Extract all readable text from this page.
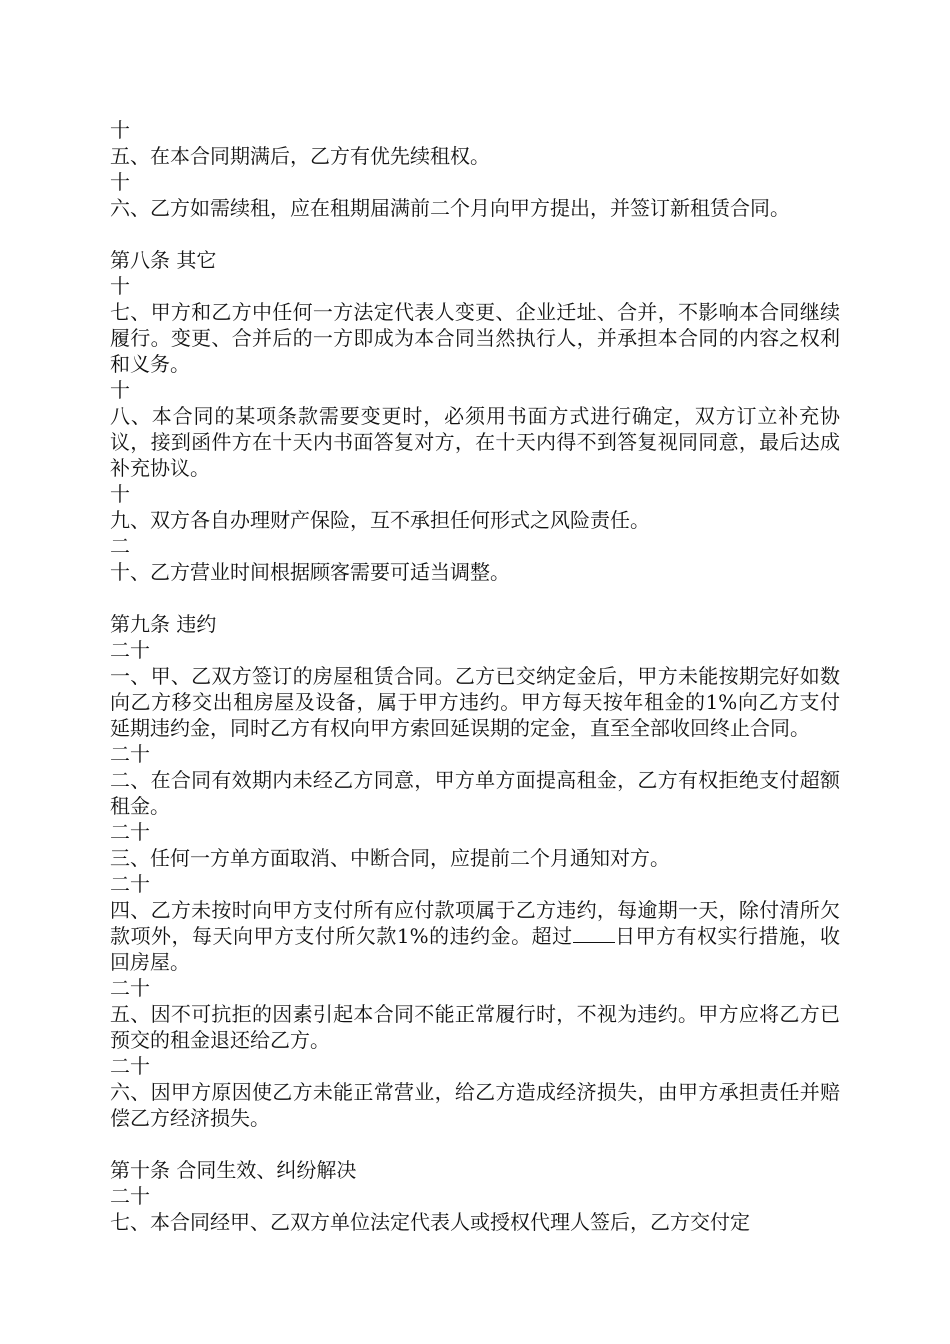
十

五、在本合同期满后，乙方有优先续租权。

十

六、乙方如需续租，应在租期届满前二个月向甲方提出，并签订新租赁合同。

第八条 其它
十

七、甲方和乙方中任何一方法定代表人变更、企业迁址、合并，不影响本合同继续履行。变更、合并后的一方即成为本合同当然执行人，并承担本合同的内容之权利和义务。

十

八、本合同的某项条款需要变更时，必须用书面方式进行确定，双方订立补充协议，接到函件方在十天内书面答复对方，在十天内得不到答复视同同意，最后达成补充协议。

十

九、双方各自办理财产保险，互不承担任何形式之风险责任。

二

十、乙方营业时间根据顾客需要可适当调整。

第九条 违约
二十

一、甲、乙双方签订的房屋租赁合同。乙方已交纳定金后，甲方未能按期完好如数向乙方移交出租房屋及设备，属于甲方违约。甲方每天按年租金的1%向乙方支付延期违约金，同时乙方有权向甲方索回延误期的定金，直至全部收回终止合同。

二十

二、在合同有效期内未经乙方同意，甲方单方面提高租金，乙方有权拒绝支付超额租金。

二十

三、任何一方单方面取消、中断合同，应提前二个月通知对方。

二十

四、乙方未按时向甲方支付所有应付款项属于乙方违约，每逾期一天，除付清所欠款项外，每天向甲方支付所欠款1%的违约金。超过 日甲方有权实行措施，收回房屋。

二十

五、因不可抗拒的因素引起本合同不能正常履行时，不视为违约。甲方应将乙方已预交的租金退还给乙方。

二十

六、因甲方原因使乙方未能正常营业，给乙方造成经济损失，由甲方承担责任并赔偿乙方经济损失。

第十条 合同生效、纠纷解决
二十

七、本合同经甲、乙双方单位法定代表人或授权代理人签后，乙方交付定
